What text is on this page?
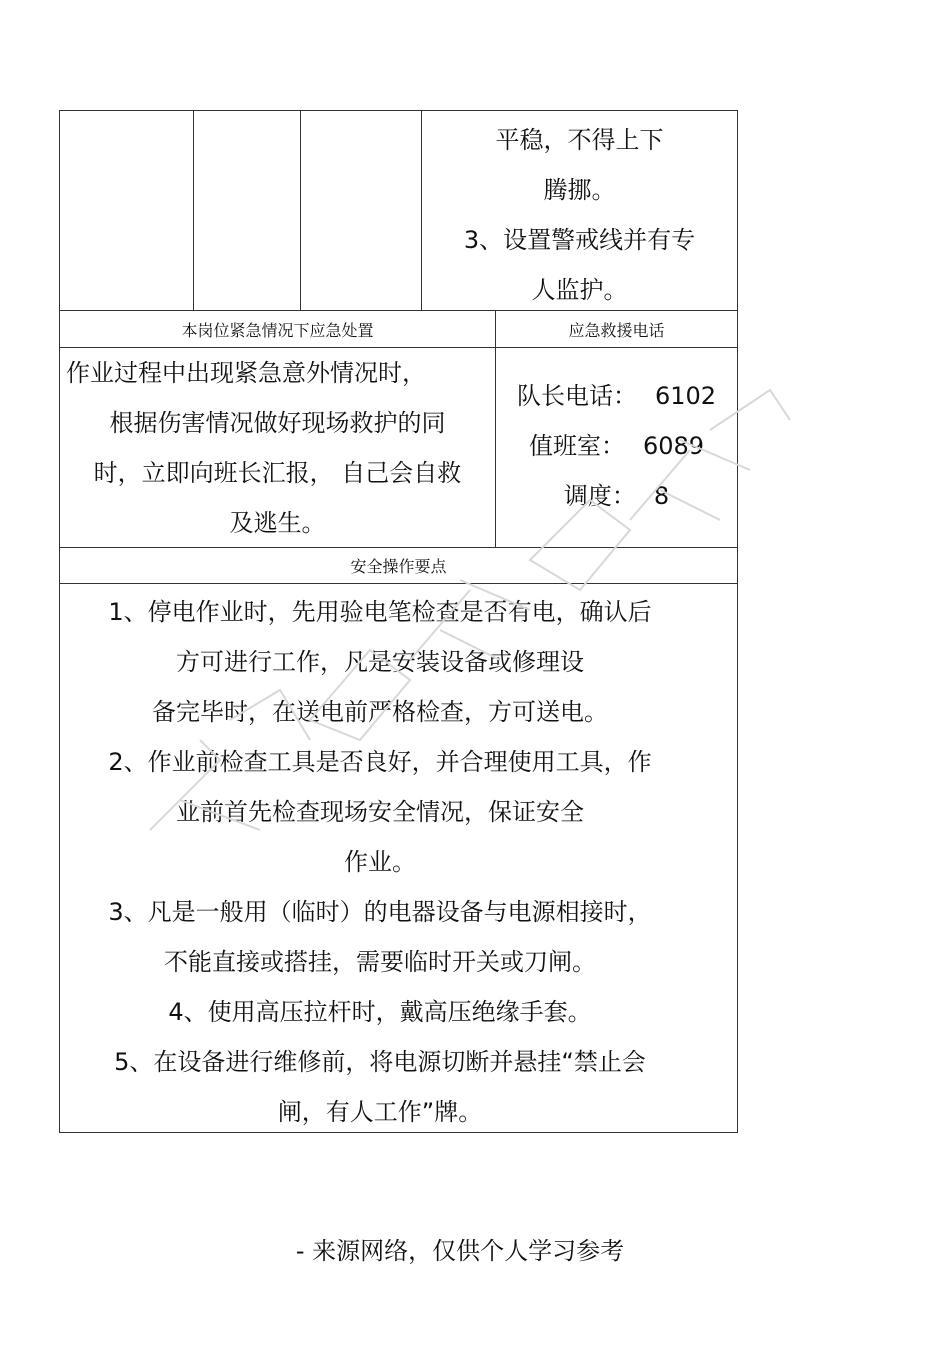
平稳，不得上下
腾挪。
3、设置警戒线并有专
人监护。
本岗位紧急情况下应急处置	应急救援电话
作业过程中出现紧急意外情况时，
根据伤害情况做好现场救护的同
时，立即向班长汇报， 自己会自救
及逃生。
队长电话： 6102
值班室： 6089
调度： 8
安全操作要点
1、停电作业时，先用验电笔检查是否有电，确认后
方可进行工作，凡是安装设备或修理设
备完毕时，在送电前严格检查，方可送电。
2、作业前检查工具是否良好，并合理使用工具，作
业前首先检查现场安全情况，保证安全
作业。
3、凡是一般用（临时）的电器设备与电源相接时，
不能直接或搭挂，需要临时开关或刀闸。
4、使用高压拉杆时，戴高压绝缘手套。
5、在设备进行维修前，将电源切断并悬挂“禁止会
闸，有人工作”牌。
- 来源网络，仅供个人学习参考
